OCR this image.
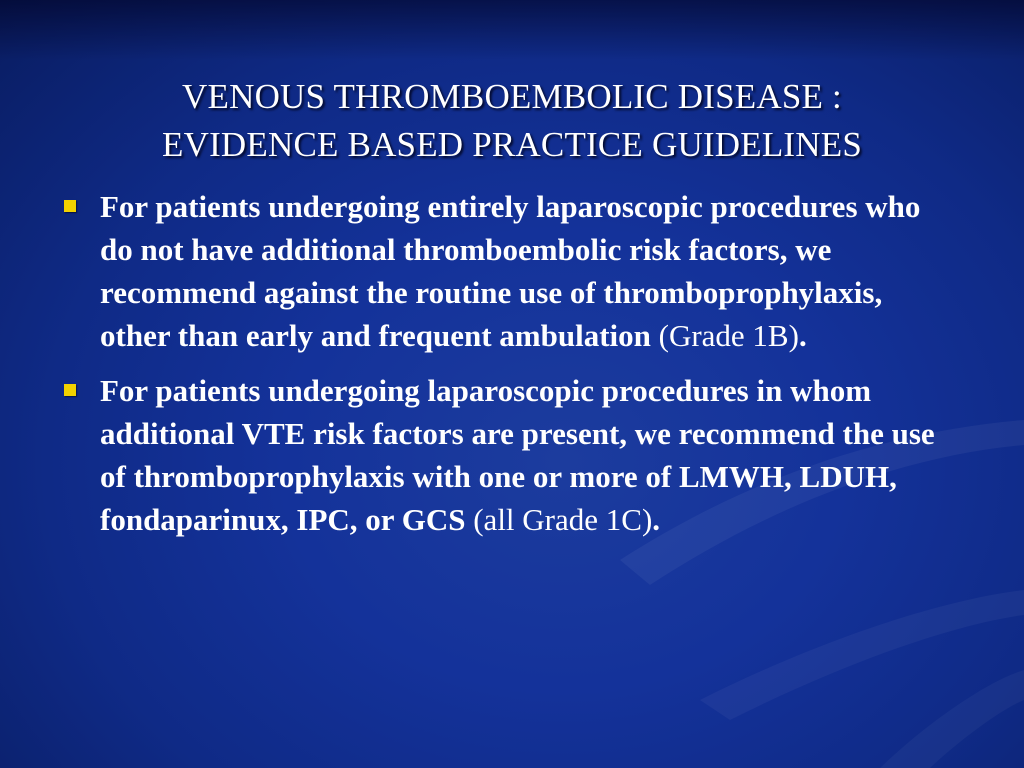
VENOUS THROMBOEMBOLIC DISEASE :
EVIDENCE BASED PRACTICE GUIDELINES
For patients undergoing entirely laparoscopic procedures who do not have additional thromboembolic risk factors, we recommend against the routine use of thromboprophylaxis, other than early and frequent ambulation (Grade 1B).
For patients undergoing laparoscopic procedures in whom additional VTE risk factors are present, we recommend the use of thromboprophylaxis with one or more of LMWH, LDUH, fondaparinux, IPC, or GCS (all Grade 1C).
